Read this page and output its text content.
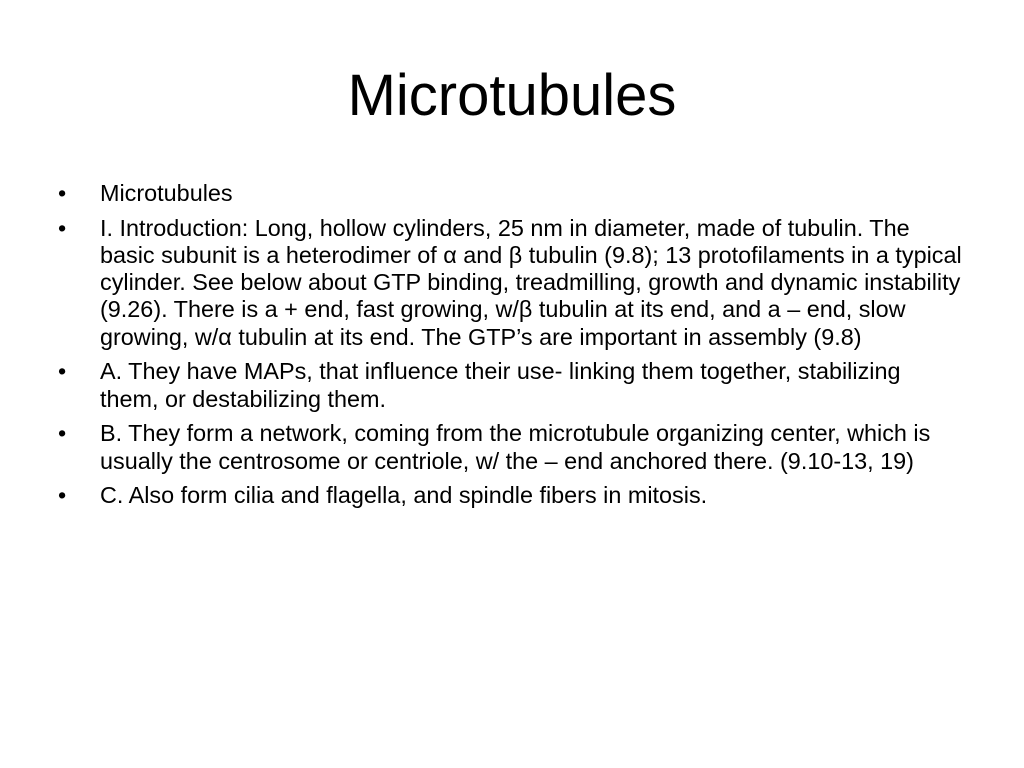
Microtubules
•	Microtubules
•	I. Introduction: Long, hollow cylinders, 25 nm in diameter, made of tubulin. The basic subunit is a heterodimer of α and β tubulin (9.8); 13 protofilaments in a typical cylinder. See below about GTP binding, treadmilling, growth and dynamic instability (9.26). There is a + end, fast growing, w/β tubulin at its end, and a – end, slow growing, w/α tubulin at its end. The GTP’s are important in assembly (9.8)
•	A. They have MAPs, that influence their use- linking them together, stabilizing them, or destabilizing them.
•	B. They form a network, coming from the microtubule organizing center, which is usually the centrosome or centriole, w/ the – end anchored there. (9.10-13, 19)
•	C. Also form cilia and flagella, and spindle fibers in mitosis.
